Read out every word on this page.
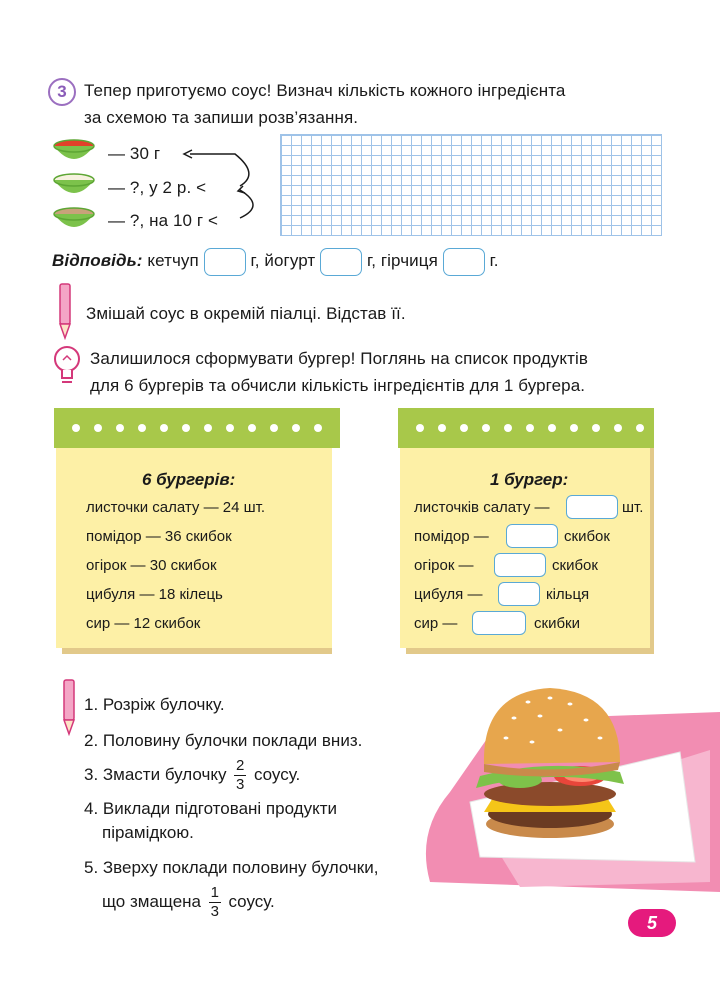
3	Тепер приготуємо соус! Визнач кількість кожного інгредієнта
за схемою та запиши розв’язання.
— 30 г
— ?, у 2 р. <
— ?, на 10 г <
Відповідь: кетчуп	г, йогурт	г, гірчиця	г.
Змішай соус в окремій піалці. Відстав її.
Залишилося сформувати бургер! Поглянь на список продуктів
для 6 бургерів та обчисли кількість інгредієнтів для 1 бургера.
6 бургерів:
листочки салату — 24 шт.
помідор — 36 скибок
огірок — 30 скибок
цибуля — 18 кілець
сир — 12 скибок
1 бургер:
листочків салату —	шт.
помідор —	скибок
огірок —	скибок
цибуля —	кільця
сир —	скибки
1. Розріж булочку.
2. Половину булочки поклади вниз.
3. Змасти булочку $\frac{2}{3}$ соусу.
4. Виклади підготовані продукти
пірамідкою.
5. Зверху поклади половину булочки,
що змащена $\frac{1}{3}$ соусу.
5
